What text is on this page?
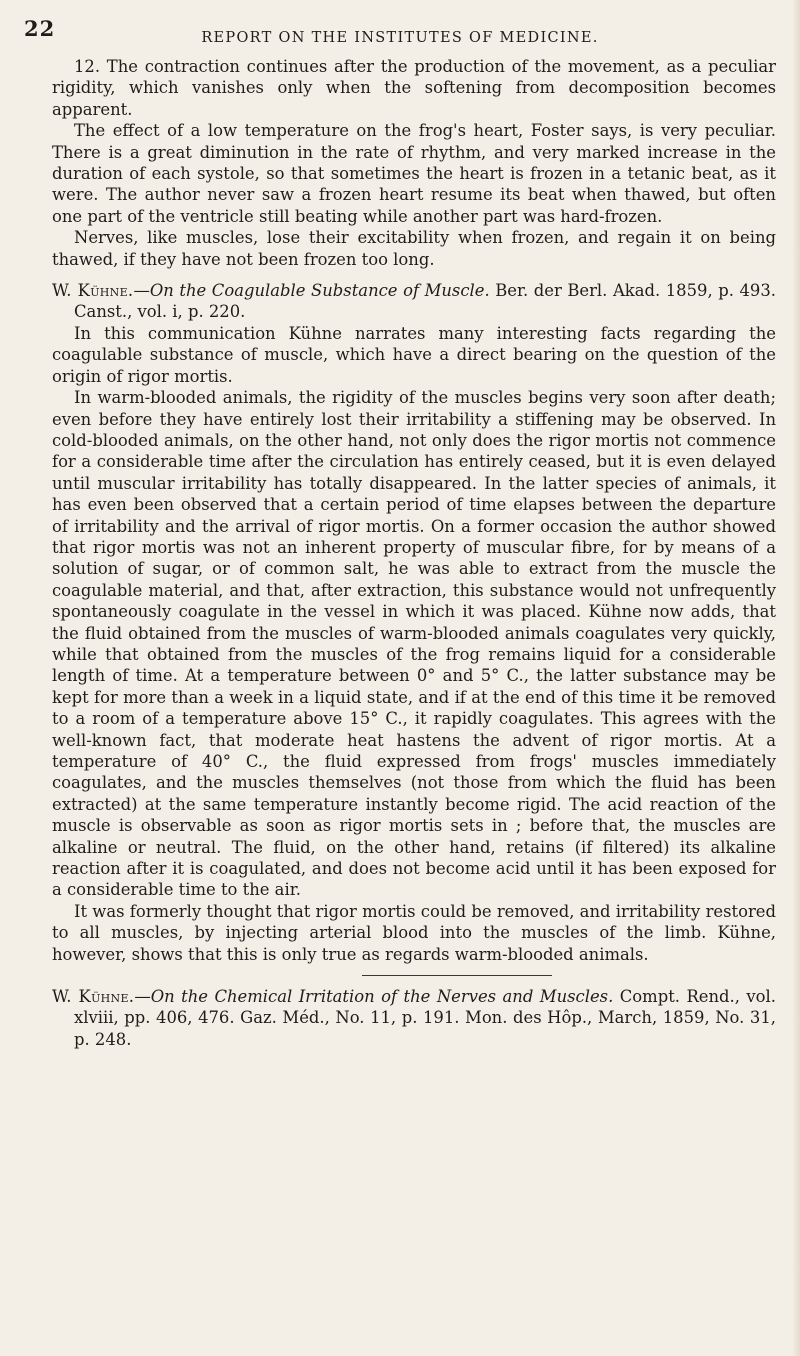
22	REPORT ON THE INSTITUTES OF MEDICINE.

12. The contraction continues after the production of the movement, as a peculiar rigidity, which vanishes only when the softening from decomposition becomes apparent.

The effect of a low temperature on the frog's heart, Foster says, is very peculiar. There is a great diminution in the rate of rhythm, and very marked increase in the duration of each systole, so that sometimes the heart is frozen in a tetanic beat, as it were. The author never saw a frozen heart resume its beat when thawed, but often one part of the ventricle still beating while another part was hard-frozen.

Nerves, like muscles, lose their excitability when frozen, and regain it on being thawed, if they have not been frozen too long.

W. Kühne.—On the Coagulable Substance of Muscle. Ber. der Berl. Akad. 1859, p. 493. Canst., vol. i, p. 220.

In this communication Kühne narrates many interesting facts regarding the coagulable substance of muscle, which have a direct bearing on the question of the origin of rigor mortis.

In warm-blooded animals, the rigidity of the muscles begins very soon after death; even before they have entirely lost their irritability a stiffening may be observed. In cold-blooded animals, on the other hand, not only does the rigor mortis not commence for a considerable time after the circulation has entirely ceased, but it is even delayed until muscular irritability has totally disappeared. In the latter species of animals, it has even been observed that a certain period of time elapses between the departure of irritability and the arrival of rigor mortis. On a former occasion the author showed that rigor mortis was not an inherent property of muscular fibre, for by means of a solution of sugar, or of common salt, he was able to extract from the muscle the coagulable material, and that, after extraction, this substance would not unfrequently spontaneously coagulate in the vessel in which it was placed. Kühne now adds, that the fluid obtained from the muscles of warm-blooded animals coagulates very quickly, while that obtained from the muscles of the frog remains liquid for a considerable length of time. At a temperature between 0° and 5° C., the latter substance may be kept for more than a week in a liquid state, and if at the end of this time it be removed to a room of a temperature above 15° C., it rapidly coagulates. This agrees with the well-known fact, that moderate heat hastens the advent of rigor mortis. At a temperature of 40° C., the fluid expressed from frogs' muscles immediately coagulates, and the muscles themselves (not those from which the fluid has been extracted) at the same temperature instantly become rigid. The acid reaction of the muscle is observable as soon as rigor mortis sets in ; before that, the muscles are alkaline or neutral. The fluid, on the other hand, retains (if filtered) its alkaline reaction after it is coagulated, and does not become acid until it has been exposed for a considerable time to the air.

It was formerly thought that rigor mortis could be removed, and irritability restored to all muscles, by injecting arterial blood into the muscles of the limb. Kühne, however, shows that this is only true as regards warm-blooded animals.

W. Kühne.—On the Chemical Irritation of the Nerves and Muscles. Compt. Rend., vol. xlviii, pp. 406, 476. Gaz. Méd., No. 11, p. 191. Mon. des Hôp., March, 1859, No. 31, p. 248.
